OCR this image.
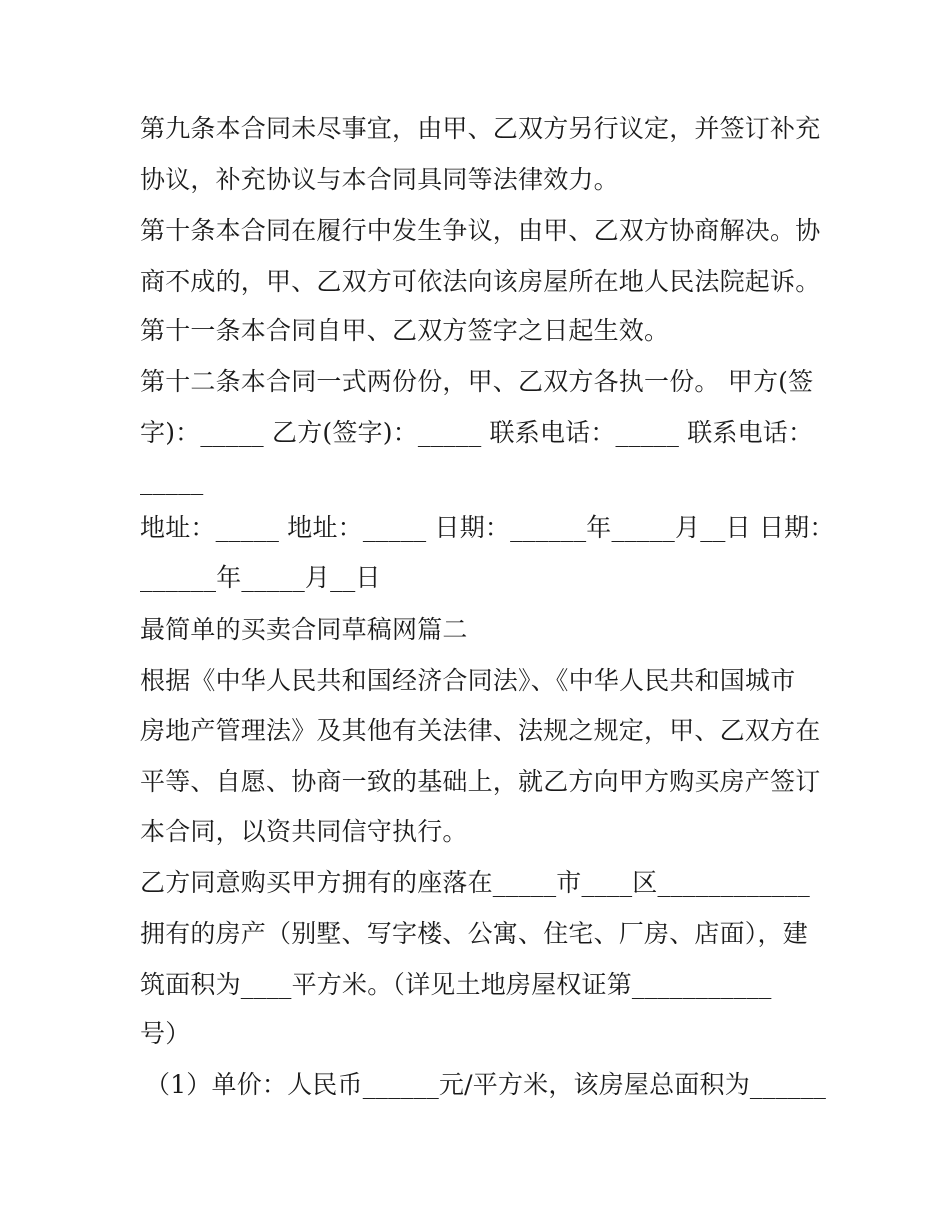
第九条本合同未尽事宜，由甲、乙双方另行议定，并签订补充
协议，补充协议与本合同具同等法律效力。
第十条本合同在履行中发生争议，由甲、乙双方协商解决。协
商不成的，甲、乙双方可依法向该房屋所在地人民法院起诉。
第十一条本合同自甲、乙双方签字之日起生效。
第十二条本合同一式两份份，甲、乙双方各执一份。 甲方(签
字)：_____ 乙方(签字)：_____ 联系电话：_____ 联系电话：
_____
地址：_____ 地址：_____ 日期：______年_____月__日 日期：
______年_____月__日
最简单的买卖合同草稿网篇二
根据《中华人民共和国经济合同法》、《中华人民共和国城市
房地产管理法》及其他有关法律、法规之规定，甲、乙双方在
平等、自愿、协商一致的基础上，就乙方向甲方购买房产签订
本合同，以资共同信守执行。
乙方同意购买甲方拥有的座落在_____市____区____________
拥有的房产（别墅、写字楼、公寓、住宅、厂房、店面），建
筑面积为____平方米。（详见土地房屋权证第___________
号）
（1）单价：人民币______元/平方米，该房屋总面积为______
